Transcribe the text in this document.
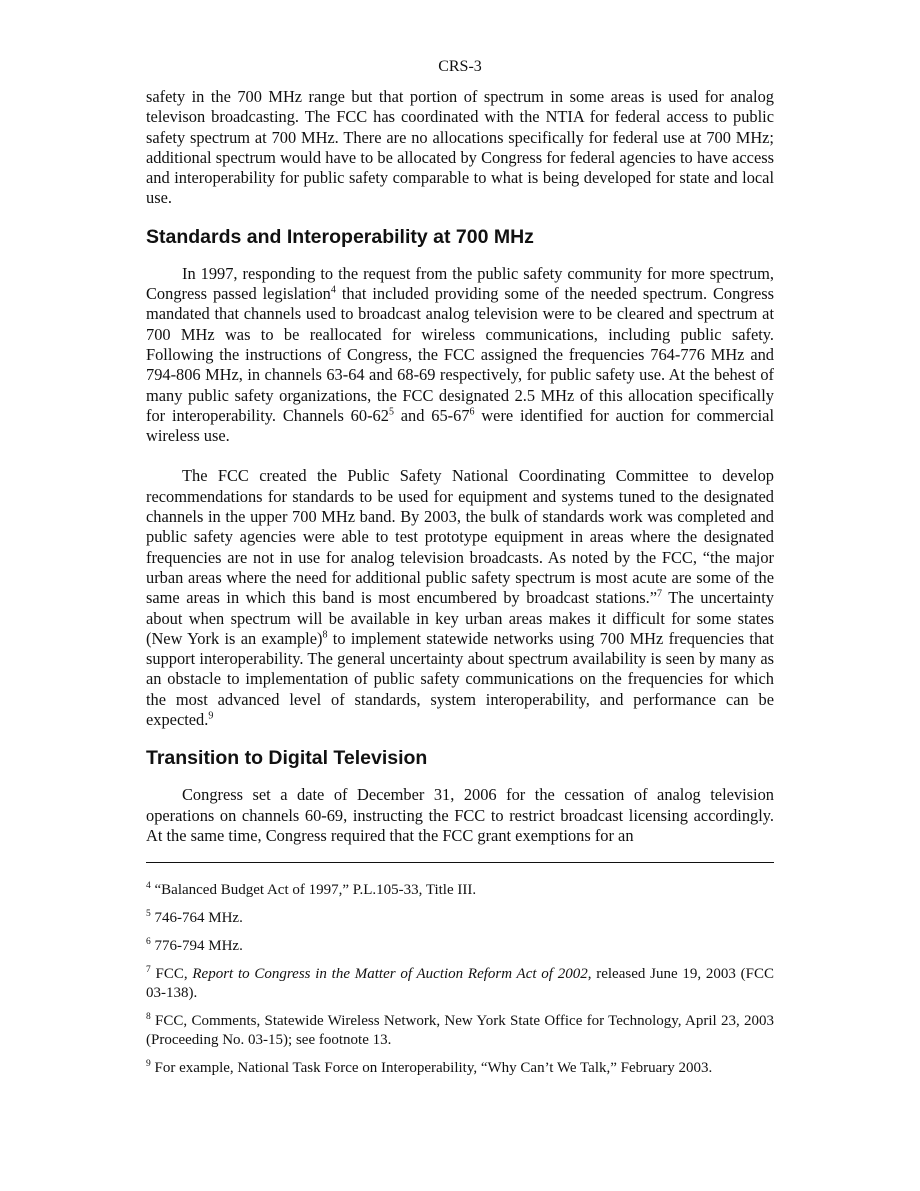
CRS-3

safety in the 700 MHz range but that portion of spectrum in some areas is used for analog televison broadcasting. The FCC has coordinated with the NTIA for federal access to public safety spectrum at 700 MHz. There are no allocations specifically for federal use at 700 MHz; additional spectrum would have to be allocated by Congress for federal agencies to have access and interoperability for public safety comparable to what is being developed for state and local use.

Standards and Interoperability at 700 MHz

In 1997, responding to the request from the public safety community for more spectrum, Congress passed legislation$^4$ that included providing some of the needed spectrum. Congress mandated that channels used to broadcast analog television were to be cleared and spectrum at 700 MHz was to be reallocated for wireless communications, including public safety. Following the instructions of Congress, the FCC assigned the frequencies 764-776 MHz and 794-806 MHz, in channels 63-64 and 68-69 respectively, for public safety use. At the behest of many public safety organizations, the FCC designated 2.5 MHz of this allocation specifically for interoperability. Channels $60-62^5$ and $65-67^6$ were identified for auction for commercial wireless use.

The FCC created the Public Safety National Coordinating Committee to develop recommendations for standards to be used for equipment and systems tuned to the designated channels in the upper 700 MHz band. By 2003, the bulk of standards work was completed and public safety agencies were able to test prototype equipment in areas where the designated frequencies are not in use for analog television broadcasts. As noted by the FCC, “the major urban areas where the need for additional public safety spectrum is most acute are some of the same areas in which this band is most encumbered by broadcast stations.”$^7$ The uncertainty about when spectrum will be available in key urban areas makes it difficult for some states (New York is an example)$^8$ to implement statewide networks using 700 MHz frequencies that support interoperability. The general uncertainty about spectrum availability is seen by many as an obstacle to implementation of public safety communications on the frequencies for which the most advanced level of standards, system interoperability, and performance can be expected.$^9$

Transition to Digital Television

Congress set a date of December 31, 2006 for the cessation of analog television operations on channels 60-69, instructing the FCC to restrict broadcast licensing accordingly. At the same time, Congress required that the FCC grant exemptions for an

$^4$ “Balanced Budget Act of 1997,” P.L.105-33, Title III.
$^5$ 746-764 MHz.
$^6$ 776-794 MHz.
$^7$ FCC, Report to Congress in the Matter of Auction Reform Act of 2002, released June 19, 2003 (FCC 03-138).
$^8$ FCC, Comments, Statewide Wireless Network, New York State Office for Technology, April 23, 2003 (Proceeding No. 03-15); see footnote 13.
$^9$ For example, National Task Force on Interoperability, “Why Can’t We Talk,” February 2003.
